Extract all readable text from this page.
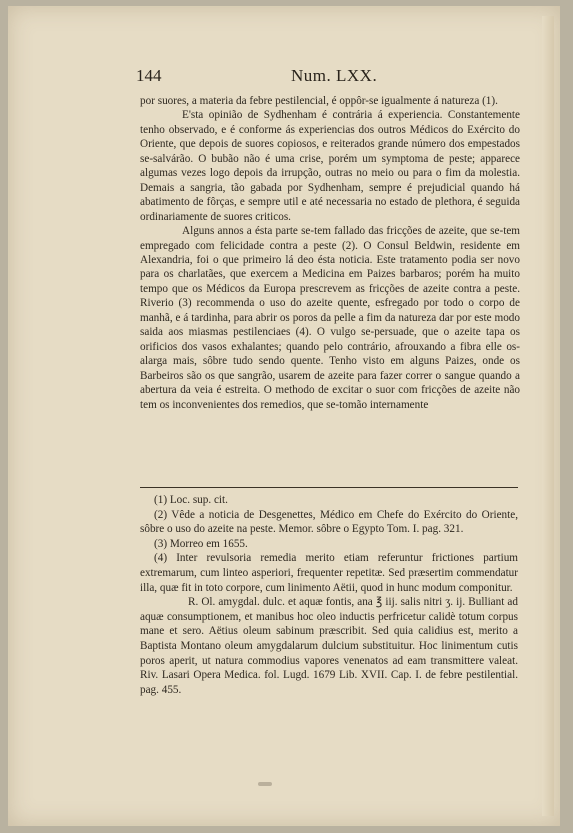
144	Num. LXX.

por suores, a materia da febre pestilencial, é oppôr-se igualmente á natureza (1).

E'sta opinião de Sydhenham é contrária á experiencia. Constantemente tenho observado, e é conforme ás experiencias dos outros Médicos do Exército do Oriente, que depois de suores copiosos, e reiterados grande número dos empestados se-salvárão. O bubão não é uma crise, porém um symptoma de peste; apparece algumas vezes logo depois da irrupção, outras no meio ou para o fim da molestia. Demais a sangria, tão gabada por Sydhenham, sempre é prejudicial quando há abatimento de fôrças, e sempre util e até necessaria no estado de plethora, é seguida ordinariamente de suores criticos.

Alguns annos a ésta parte se-tem fallado das fricções de azeite, que se-tem empregado com felicidade contra a peste (2). O Consul Beldwin, residente em Alexandria, foi o que primeiro lá deo ésta noticia. Este tratamento podia ser novo para os charlatães, que exercem a Medicina em Paizes barbaros; porém ha muito tempo que os Médicos da Europa prescrevem as fricções de azeite contra a peste. Riverio (3) recommenda o uso do azeite quente, esfregado por todo o corpo de manhã, e á tardinha, para abrir os poros da pelle a fim da natureza dar por este modo saida aos miasmas pestilenciaes (4). O vulgo se-persuade, que o azeite tapa os orificios dos vasos exhalantes; quando pelo contrário, afrouxando a fibra elle os-alarga mais, sôbre tudo sendo quente. Tenho visto em alguns Paizes, onde os Barbeiros são os que sangrão, usarem de azeite para fazer correr o sangue quando a abertura da veia é estreita. O methodo de excitar o suor com fricções de azeite não tem os inconvenientes dos remedios, que se-tomão internamente

(1) Loc. sup. cit.

(2) Vêde a noticia de Desgenettes, Médico em Chefe do Exército do Oriente, sôbre o uso do azeite na peste. Memor. sôbre o Egypto Tom. I. pag. 321.

(3) Morreo em 1655.

(4) Inter revulsoria remedia merito etiam referuntur frictiones partium extremarum, cum linteo asperiori, frequenter repetitæ. Sed præsertim commendatur illa, quæ fit in toto corpore, cum linimento Aëtii, quod in hunc modum componitur.

R. Ol. amygdal. dulc. et aquæ fontis, ana ℥ iij. salis nitri ʒ. ij. Bulliant ad aquæ consumptionem, et manibus hoc oleo inductis perfricetur calidè totum corpus mane et sero. Aëtius oleum sabinum præscribit. Sed quia calidius est, merito a Baptista Montano oleum amygdalarum dulcium substituitur. Hoc linimentum cutis poros aperit, ut natura commodius vapores venenatos ad eam transmittere valeat. Riv. Lasari Opera Medica. fol. Lugd. 1679 Lib. XVII. Cap. I. de febre pestilential. pag. 455.
